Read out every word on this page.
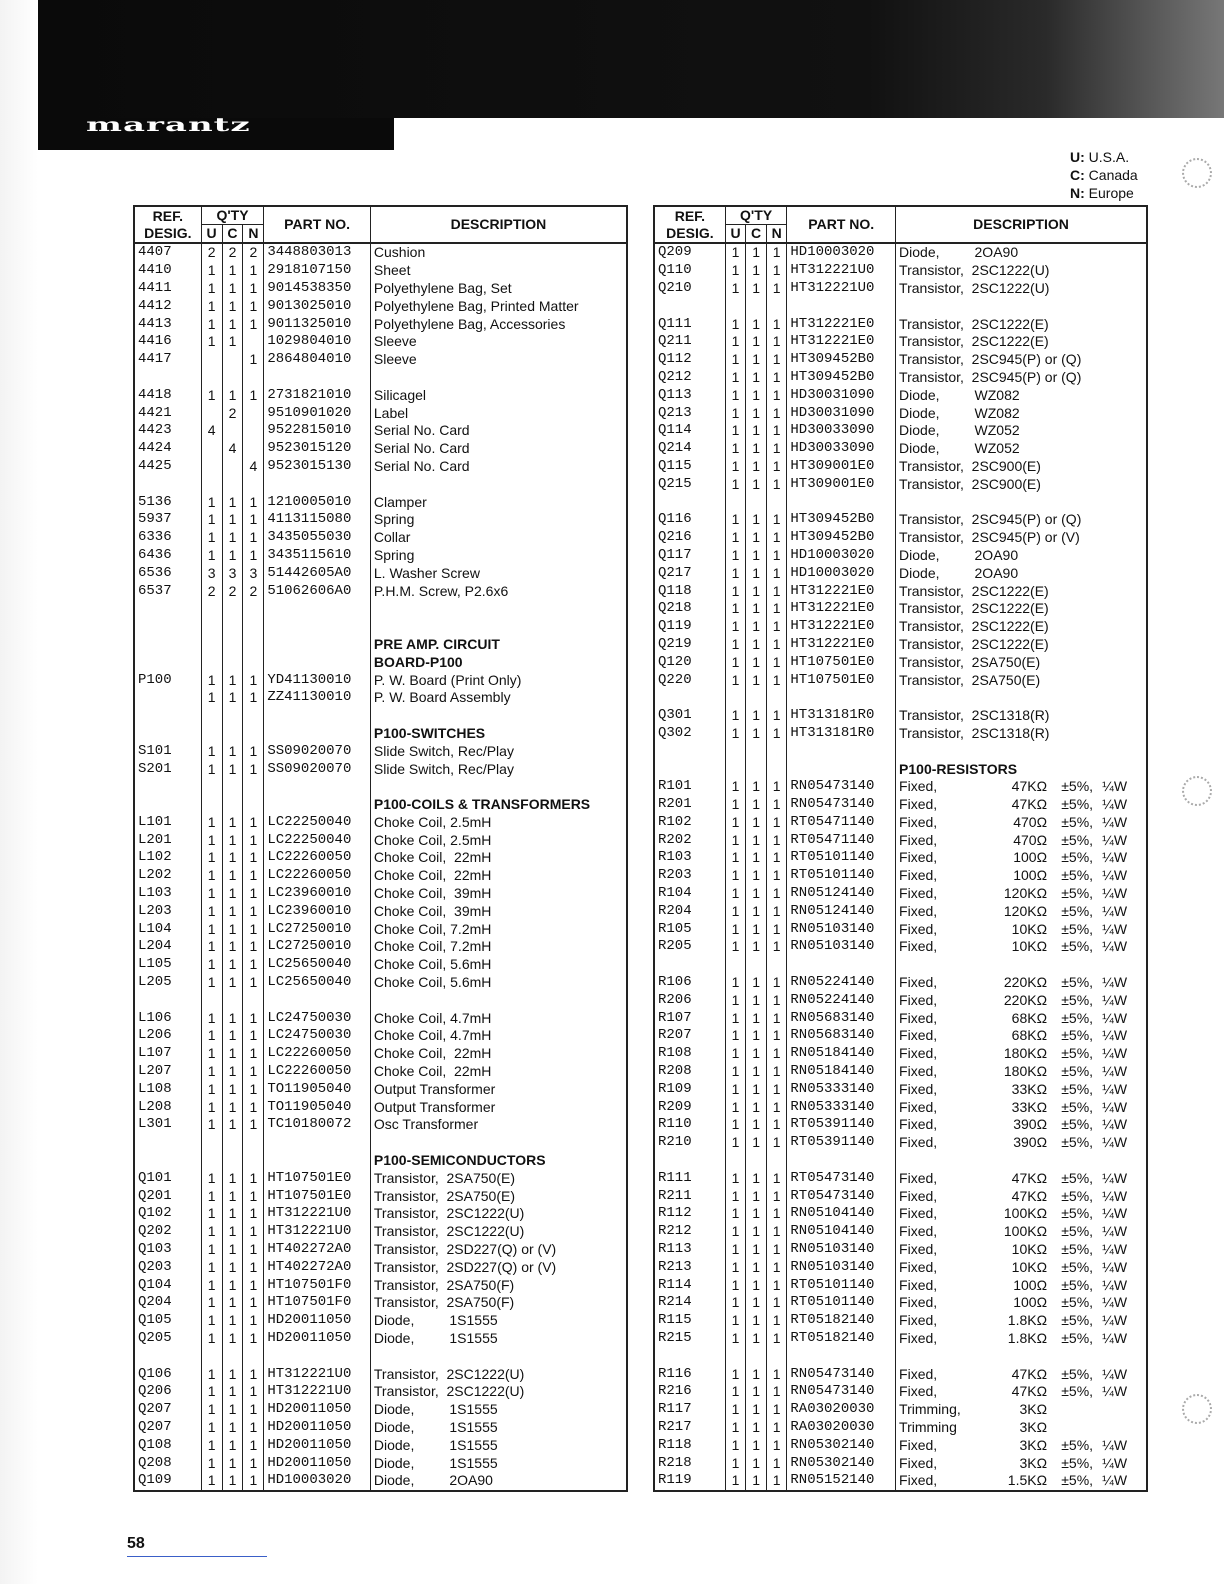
marantz
U: U.S.A.
C: Canada
N: Europe
REF.
DESIG.	Q'TY			PART NO.	DESCRIPTION
	U	C	N		
4407	2	2	2	3448803013	Cushion
4410	1	1	1	2918107150	Sheet
4411	1	1	1	9014538350	Polyethylene Bag, Set
4412	1	1	1	9013025010	Polyethylene Bag, Printed Matter
4413	1	1	1	9011325010	Polyethylene Bag, Accessories
4416	1	1		1029804010	Sleeve
4417			1	2864804010	Sleeve

4418	1	1	1	2731821010	Silicagel
4421		2		9510901020	Label
4423	4			9522815010	Serial No. Card
4424		4		9523015120	Serial No. Card
4425			4	9523015130	Serial No. Card

5136	1	1	1	1210005010	Clamper
5937	1	1	1	4113115080	Spring
6336	1	1	1	3435055030	Collar
6436	1	1	1	3435115610	Spring
6536	3	3	3	51442605A0	L. Washer Screw
6537	2	2	2	51062606A0	P.H.M. Screw, P2.6x6

					PRE AMP. CIRCUIT
					BOARD-P100
P100	1	1	1	YD41130010	P. W. Board (Print Only)
	1	1	1	ZZ41130010	P. W. Board Assembly

					P100-SWITCHES
S101	1	1	1	SS09020070	Slide Switch, Rec/Play
S201	1	1	1	SS09020070	Slide Switch, Rec/Play

					P100-COILS & TRANSFORMERS
L101	1	1	1	LC22250040	Choke Coil, 2.5mH
L201	1	1	1	LC22250040	Choke Coil, 2.5mH
L102	1	1	1	LC22260050	Choke Coil,  22mH
L202	1	1	1	LC22260050	Choke Coil,  22mH
L103	1	1	1	LC23960010	Choke Coil,  39mH
L203	1	1	1	LC23960010	Choke Coil,  39mH
L104	1	1	1	LC27250010	Choke Coil, 7.2mH
L204	1	1	1	LC27250010	Choke Coil, 7.2mH
L105	1	1	1	LC25650040	Choke Coil, 5.6mH
L205	1	1	1	LC25650040	Choke Coil, 5.6mH

L106	1	1	1	LC24750030	Choke Coil, 4.7mH
L206	1	1	1	LC24750030	Choke Coil, 4.7mH
L107	1	1	1	LC22260050	Choke Coil,  22mH
L207	1	1	1	LC22260050	Choke Coil,  22mH
L108	1	1	1	TO11905040	Output Transformer
L208	1	1	1	TO11905040	Output Transformer
L301	1	1	1	TC10180072	Osc Transformer

					P100-SEMICONDUCTORS
Q101	1	1	1	HT107501E0	Transistor,  2SA750(E)
Q201	1	1	1	HT107501E0	Transistor,  2SA750(E)
Q102	1	1	1	HT312221U0	Transistor,  2SC1222(U)
Q202	1	1	1	HT312221U0	Transistor,  2SC1222(U)
Q103	1	1	1	HT402272A0	Transistor,  2SD227(Q) or (V)
Q203	1	1	1	HT402272A0	Transistor,  2SD227(Q) or (V)
Q104	1	1	1	HT107501F0	Transistor,  2SA750(F)
Q204	1	1	1	HT107501F0	Transistor,  2SA750(F)
Q105	1	1	1	HD20011050	Diode,         1S1555
Q205	1	1	1	HD20011050	Diode,         1S1555

Q106	1	1	1	HT312221U0	Transistor,  2SC1222(U)
Q206	1	1	1	HT312221U0	Transistor,  2SC1222(U)
Q207	1	1	1	HD20011050	Diode,         1S1555
Q207	1	1	1	HD20011050	Diode,         1S1555
Q108	1	1	1	HD20011050	Diode,         1S1555
Q208	1	1	1	HD20011050	Diode,         1S1555
Q109	1	1	1	HD10003020	Diode,         2OA90
REF.
DESIG.	Q'TY			PART NO.	DESCRIPTION
	U	C	N		
Q209	1	1	1	HD10003020	Diode,         2OA90
Q110	1	1	1	HT312221U0	Transistor,  2SC1222(U)
Q210	1	1	1	HT312221U0	Transistor,  2SC1222(U)

Q111	1	1	1	HT312221E0	Transistor,  2SC1222(E)
Q211	1	1	1	HT312221E0	Transistor,  2SC1222(E)
Q112	1	1	1	HT309452B0	Transistor,  2SC945(P) or (Q)
Q212	1	1	1	HT309452B0	Transistor,  2SC945(P) or (Q)
Q113	1	1	1	HD30031090	Diode,         WZ082
Q213	1	1	1	HD30031090	Diode,         WZ082
Q114	1	1	1	HD30033090	Diode,         WZ052
Q214	1	1	1	HD30033090	Diode,         WZ052
Q115	1	1	1	HT309001E0	Transistor,  2SC900(E)
Q215	1	1	1	HT309001E0	Transistor,  2SC900(E)

Q116	1	1	1	HT309452B0	Transistor,  2SC945(P) or (Q)
Q216	1	1	1	HT309452B0	Transistor,  2SC945(P) or (V)
Q117	1	1	1	HD10003020	Diode,         2OA90
Q217	1	1	1	HD10003020	Diode,         2OA90
Q118	1	1	1	HT312221E0	Transistor,  2SC1222(E)
Q218	1	1	1	HT312221E0	Transistor,  2SC1222(E)
Q119	1	1	1	HT312221E0	Transistor,  2SC1222(E)
Q219	1	1	1	HT312221E0	Transistor,  2SC1222(E)
Q120	1	1	1	HT107501E0	Transistor,  2SA750(E)
Q220	1	1	1	HT107501E0	Transistor,  2SA750(E)

Q301	1	1	1	HT313181R0	Transistor,  2SC1318(R)
Q302	1	1	1	HT313181R0	Transistor,  2SC1318(R)

					P100-RESISTORS
R101	1	1	1	RN05473140	Fixed, 47KΩ ±5%, ¼W
R201	1	1	1	RN05473140	Fixed, 47KΩ ±5%, ¼W
R102	1	1	1	RT05471140	Fixed, 470Ω ±5%, ¼W
R202	1	1	1	RT05471140	Fixed, 470Ω ±5%, ¼W
R103	1	1	1	RT05101140	Fixed, 100Ω ±5%, ¼W
R203	1	1	1	RT05101140	Fixed, 100Ω ±5%, ¼W
R104	1	1	1	RN05124140	Fixed, 120KΩ ±5%, ¼W
R204	1	1	1	RN05124140	Fixed, 120KΩ ±5%, ¼W
R105	1	1	1	RN05103140	Fixed, 10KΩ ±5%, ¼W
R205	1	1	1	RN05103140	Fixed, 10KΩ ±5%, ¼W

R106	1	1	1	RN05224140	Fixed, 220KΩ ±5%, ¼W
R206	1	1	1	RN05224140	Fixed, 220KΩ ±5%, ¼W
R107	1	1	1	RN05683140	Fixed, 68KΩ ±5%, ¼W
R207	1	1	1	RN05683140	Fixed, 68KΩ ±5%, ¼W
R108	1	1	1	RN05184140	Fixed, 180KΩ ±5%, ¼W
R208	1	1	1	RN05184140	Fixed, 180KΩ ±5%, ¼W
R109	1	1	1	RN05333140	Fixed, 33KΩ ±5%, ¼W
R209	1	1	1	RN05333140	Fixed, 33KΩ ±5%, ¼W
R110	1	1	1	RT05391140	Fixed, 390Ω ±5%, ¼W
R210	1	1	1	RT05391140	Fixed, 390Ω ±5%, ¼W

R111	1	1	1	RT05473140	Fixed, 47KΩ ±5%, ¼W
R211	1	1	1	RT05473140	Fixed, 47KΩ ±5%, ¼W
R112	1	1	1	RN05104140	Fixed, 100KΩ ±5%, ¼W
R212	1	1	1	RN05104140	Fixed, 100KΩ ±5%, ¼W
R113	1	1	1	RN05103140	Fixed, 10KΩ ±5%, ¼W
R213	1	1	1	RN05103140	Fixed, 10KΩ ±5%, ¼W
R114	1	1	1	RT05101140	Fixed, 100Ω ±5%, ¼W
R214	1	1	1	RT05101140	Fixed, 100Ω ±5%, ¼W
R115	1	1	1	RT05182140	Fixed, 1.8KΩ ±5%, ¼W
R215	1	1	1	RT05182140	Fixed, 1.8KΩ ±5%, ¼W

R116	1	1	1	RN05473140	Fixed, 47KΩ ±5%, ¼W
R216	1	1	1	RN05473140	Fixed, 47KΩ ±5%, ¼W
R117	1	1	1	RA03020030	Trimming, 3KΩ
R217	1	1	1	RA03020030	Trimming 3KΩ
R118	1	1	1	RN05302140	Fixed, 3KΩ ±5%, ¼W
R218	1	1	1	RN05302140	Fixed, 3KΩ ±5%, ¼W
R119	1	1	1	RN05152140	Fixed, 1.5KΩ ±5%, ¼W
58
